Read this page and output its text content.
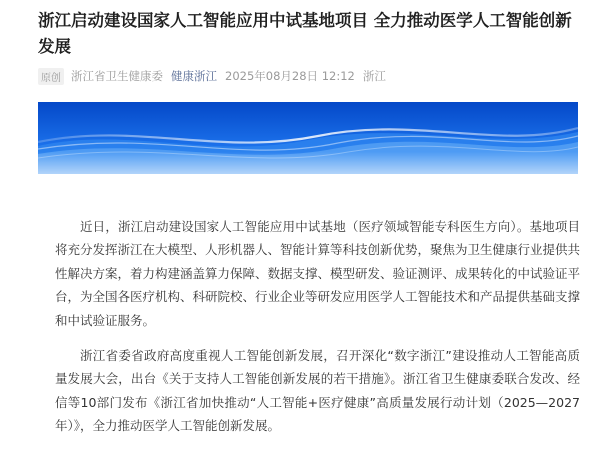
浙江启动建设国家人工智能应用中试基地项目 全力推动医学人工智能创新发展
原创 浙江省卫生健康委 健康浙江 2025年08月28日 12:12 浙江

近日，浙江启动建设国家人工智能应用中试基地（医疗领域智能专科医生方向）。基地项目将充分发挥浙江在大模型、人形机器人、智能计算等科技创新优势，聚焦为卫生健康行业提供共性解决方案，着力构建涵盖算力保障、数据支撑、模型研发、验证测评、成果转化的中试验证平台，为全国各医疗机构、科研院校、行业企业等研发应用医学人工智能技术和产品提供基础支撑和中试验证服务。

浙江省委省政府高度重视人工智能创新发展，召开深化“数字浙江”建设推动人工智能高质量发展大会，出台《关于支持人工智能创新发展的若干措施》。浙江省卫生健康委联合发改、经信等10部门发布《浙江省加快推动“人工智能+医疗健康”高质量发展行动计划（2025—2027年）》，全力推动医学人工智能创新发展。
